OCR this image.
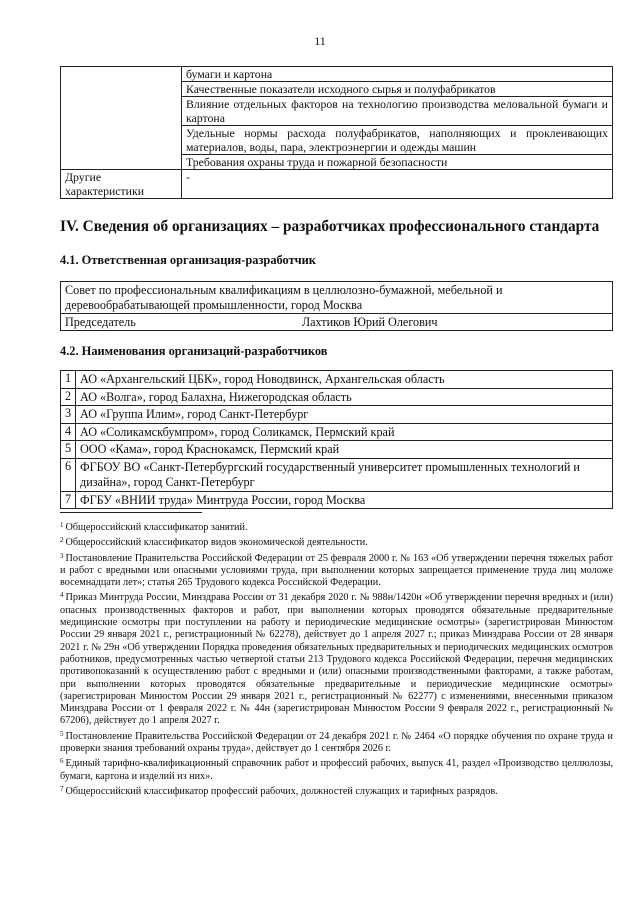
11
	бумаги и картона
	Качественные показатели исходного сырья и полуфабрикатов
	Влияние отдельных факторов на технологию производства меловальной бумаги и картона
	Удельные нормы расхода полуфабрикатов, наполняющих и проклеивающих материалов, воды, пара, электроэнергии и одежды машин
	Требования охраны труда и пожарной безопасности
Другие характеристики	-
IV. Сведения об организациях – разработчиках профессионального стандарта
4.1. Ответственная организация-разработчик
Совет по профессиональным квалификациям в целлюлозно-бумажной, мебельной и деревообрабатывающей промышленности, город Москва
Председатель	Лахтиков Юрий Олегович
4.2. Наименования организаций-разработчиков
1	АО «Архангельский ЦБК», город Новодвинск, Архангельская область
2	АО «Волга», город Балахна, Нижегородская область
3	АО «Группа Илим», город Санкт-Петербург
4	АО «Соликамскбумпром», город Соликамск, Пермский край
5	ООО «Кама», город Краснокамск, Пермский край
6	ФГБОУ ВО «Санкт-Петербургский государственный университет промышленных технологий и дизайна», город Санкт-Петербург
7	ФГБУ «ВНИИ труда» Минтруда России, город Москва

$^1$ Общероссийский классификатор занятий.

$^2$ Общероссийский классификатор видов экономической деятельности.

$^3$ Постановление Правительства Российской Федерации от 25 февраля 2000 г. № 163 «Об утверждении перечня тяжелых работ и работ с вредными или опасными условиями труда, при выполнении которых запрещается применение труда лиц моложе восемнадцати лет»; статья 265 Трудового кодекса Российской Федерации.

$^4$ Приказ Минтруда России, Минздрава России от 31 декабря 2020 г. № 988н/1420н «Об утверждении перечня вредных и (или) опасных производственных факторов и работ, при выполнении которых проводятся обязательные предварительные медицинские осмотры при поступлении на работу и периодические медицинские осмотры» (зарегистрирован Минюстом России 29 января 2021 г., регистрационный № 62278), действует до 1 апреля 2027 г.; приказ Минздрава России от 28 января 2021 г. № 29н «Об утверждении Порядка проведения обязательных предварительных и периодических медицинских осмотров работников, предусмотренных частью четвертой статьи 213 Трудового кодекса Российской Федерации, перечня медицинских противопоказаний к осуществлению работ с вредными и (или) опасными производственными факторами, а также работам, при выполнении которых проводятся обязательные предварительные и периодические медицинские осмотры» (зарегистрирован Минюстом России 29 января 2021 г., регистрационный № 62277) с изменениями, внесенными приказом Минздрава России от 1 февраля 2022 г. № 44н (зарегистрирован Минюстом России 9 февраля 2022 г., регистрационный № 67206), действует до 1 апреля 2027 г.

$^5$ Постановление Правительства Российской Федерации от 24 декабря 2021 г. № 2464 «О порядке обучения по охране труда и проверки знания требований охраны труда», действует до 1 сентября 2026 г.

$^6$ Единый тарифно-квалификационный справочник работ и профессий рабочих, выпуск 41, раздел «Производство целлюлозы, бумаги, картона и изделий из них».

$^7$ Общероссийский классификатор профессий рабочих, должностей служащих и тарифных разрядов.
